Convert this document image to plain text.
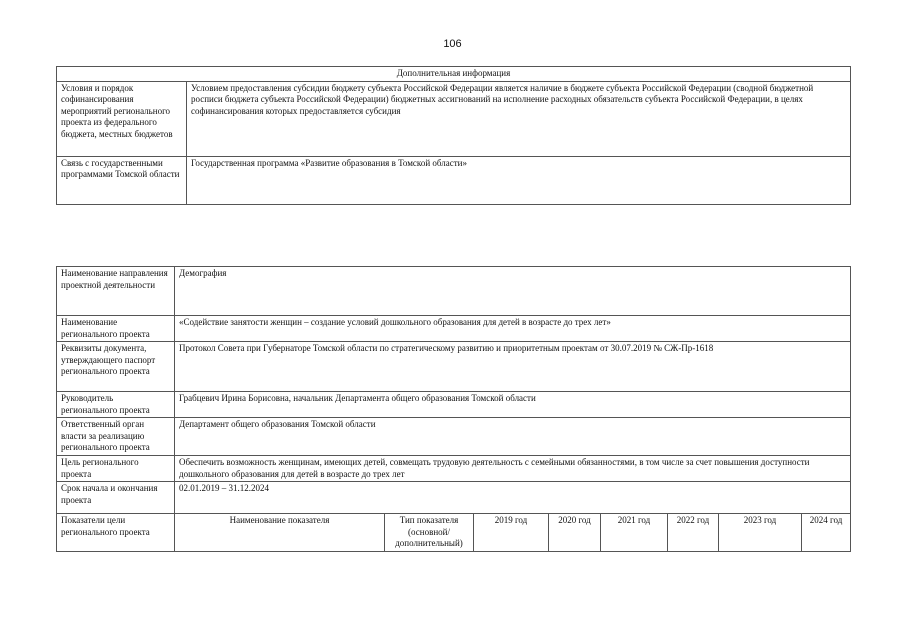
106
Дополнительная информация	
Условия и порядок софинансирования мероприятий регионального проекта из федерального бюджета, местных бюджетов	Условием предоставления субсидии бюджету субъекта Российской Федерации является наличие в бюджете субъекта Российской Федерации (сводной бюджетной росписи бюджета субъекта Российской Федерации) бюджетных ассигнований на исполнение расходных обязательств субъекта Российской Федерации, в целях софинансирования которых предоставляется субсидия
Связь с государственными программами Томской области	Государственная программа «Развитие образования в Томской области»
Наименование направления проектной деятельности	Демография							
Наименование регионального проекта	«Содействие занятости женщин – создание условий дошкольного образования для детей в возрасте до трех лет»							
Реквизиты документа, утверждающего паспорт регионального проекта	Протокол Совета при Губернаторе Томской области по стратегическому развитию и приоритетным проектам от 30.07.2019 № СЖ-Пр-1618							
Руководитель регионального проекта	Грабцевич Ирина Борисовна, начальник Департамента общего образования Томской области							
Ответственный орган власти за реализацию регионального проекта	Департамент общего образования Томской области							
Цель регионального проекта	Обеспечить возможность женщинам, имеющих детей, совмещать трудовую деятельность с семейными обязанностями, в том числе за счет повышения доступности дошкольного образования для детей в возрасте до трех лет							
Срок начала и окончания проекта	02.01.2019 – 31.12.2024							
Показатели цели регионального проекта	Наименование показателя	Тип показателя (основной/ дополнительный)	2019 год	2020 год	2021 год	2022 год	2023 год	2024 год
